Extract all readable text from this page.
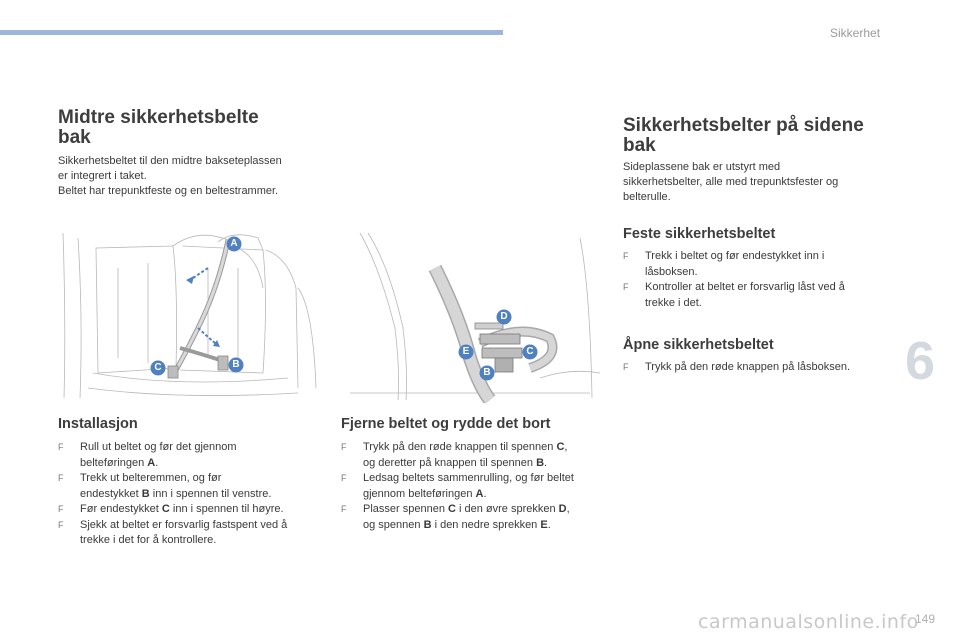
Sikkerhet
6
Midtre sikkerhetsbelte
bak
Sikkerhetsbeltet til den midtre bakseteplassen
er integrert i taket.
Beltet har trepunktfeste og en beltestrammer.
A
C	B
Installasjon
F Rull ut beltet og før det gjennom
belteføringen A.
F Trekk ut belteremmen, og før
endestykket B inn i spennen til venstre.
F Før endestykket C inn i spennen til høyre.
F Sjekk at beltet er forsvarlig fastspent ved å
trekke i det for å kontrollere.
D
E	C
B
Fjerne beltet og rydde det bort
F Trykk på den røde knappen til spennen C,
og deretter på knappen til spennen B.
F Ledsag beltets sammenrulling, og før beltet
gjennom belteføringen A.
F Plasser spennen C i den øvre sprekken D,
og spennen B i den nedre sprekken E.
Sikkerhetsbelter på sidene
bak
Sideplassene bak er utstyrt med
sikkerhetsbelter, alle med trepunktsfester og
belterulle.
Feste sikkerhetsbeltet
F Trekk i beltet og før endestykket inn i
låsboksen.
F Kontroller at beltet er forsvarlig låst ved å
trekke i det.
Åpne sikkerhetsbeltet
F Trykk på den røde knappen på låsboksen.
carmanualsonline.info
149
